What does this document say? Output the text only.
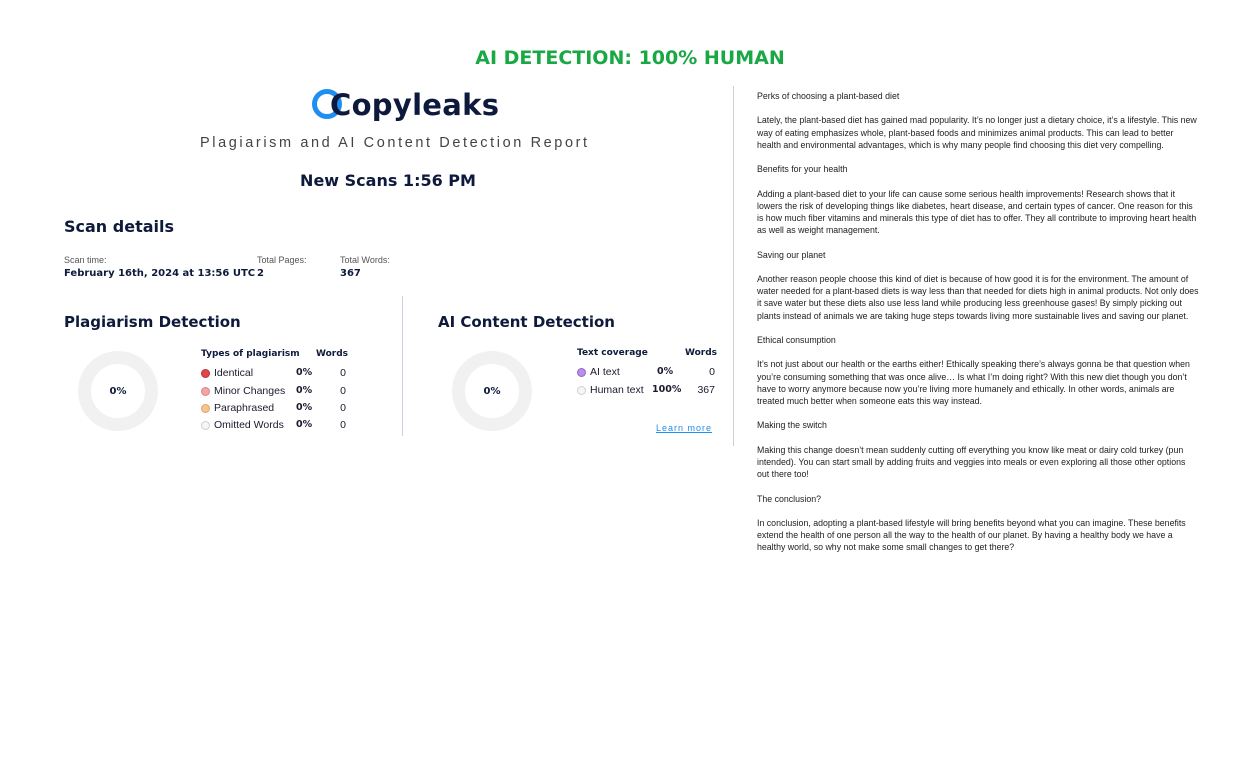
AI DETECTION: 100% HUMAN
Copyleaks
Plagiarism and AI Content Detection Report
New Scans 1:56 PM
Scan details
Scan time:
February 16th, 2024 at 13:56 UTC
Total Pages:
2
Total Words:
367
Plagiarism Detection
0%
Types of plagiarism Words
Identical	0%	0
Minor Changes 0%	0
Paraphrased 0%	0
Omitted Words 0%	0
AI Content Detection
0%
Text coverage	Words
AI text	0%	0
Human text 100%	367
Learn more

Perks of choosing a plant-based diet

Lately, the plant-based diet has gained mad popularity. It’s no longer just a dietary choice, it’s a lifestyle. This new way of eating emphasizes whole, plant-based foods and minimizes animal products. This can lead to better health and environmental advantages, which is why many people find choosing this diet very compelling.

Benefits for your health

Adding a plant-based diet to your life can cause some serious health improvements! Research shows that it lowers the risk of developing things like diabetes, heart disease, and certain types of cancer. One reason for this is how much fiber vitamins and minerals this type of diet has to offer. They all contribute to improving heart health as well as weight management.

Saving our planet

Another reason people choose this kind of diet is because of how good it is for the environment. The amount of water needed for a plant-based diets is way less than that needed for diets high in animal products. Not only does it save water but these diets also use less land while producing less greenhouse gases! By simply picking out plants instead of animals we are taking huge steps towards living more sustainable lives and saving our planet.

Ethical consumption

It’s not just about our health or the earths either! Ethically speaking there’s always gonna be that question when you’re consuming something that was once alive… Is what I’m doing right? With this new diet though you don’t have to worry anymore because now you’re living more humanely and ethically. In other words, animals are treated much better when someone eats this way instead.

Making the switch

Making this change doesn’t mean suddenly cutting off everything you know like meat or dairy cold turkey (pun intended). You can start small by adding fruits and veggies into meals or even exploring all those other options out there too!

The conclusion?

In conclusion, adopting a plant-based lifestyle will bring benefits beyond what you can imagine. These benefits extend the health of one person all the way to the health of our planet. By having a healthy body we have a healthy world, so why not make some small changes to get there?
